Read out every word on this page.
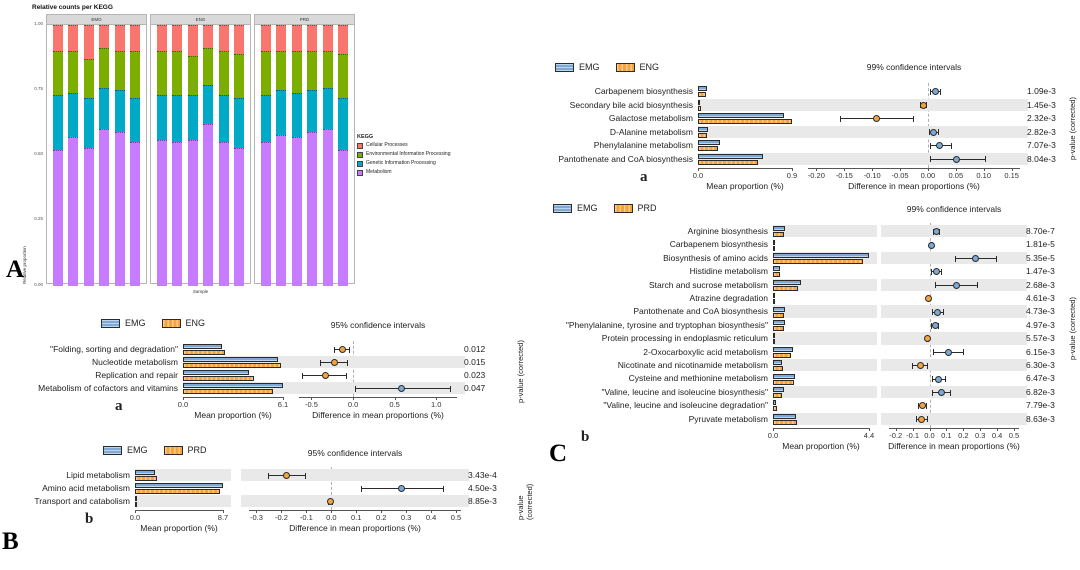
Relative counts per KEGG
1.00
0.75
0.50
0.25
0.00
Relative proportion
EMG	ENG	PRD
Sample
KEGG
Cellular Processes
Environmental Information Processing
Genetic Information Processing
Metabolism
EMG	ENG	95% confidence intervals
"Folding, sorting and degradation"	0.012
Nucleotide metabolism	0.015
Replication and repair	0.023
Metabolism of cofactors and vitamins	0.047
0.0	6.1 -0.5	0.0	0.5	1.0
Mean proportion (%)	Difference in mean proportions (%)
p-value (corrected)
a
EMG	PRD	95% confidence intervals
Lipid metabolism	3.43e-4
Amino acid metabolism	4.50e-3
Transport and catabolism	8.85e-3
0.0	8.7	-0.3 -0.2 -0.1 0.0 0.1 0.2 0.3 0.4 0.5
Mean proportion (%)	Difference in mean proportions (%)
p-value (corrected)
b
EMG	ENG	99% confidence intervals
Carbapenem biosynthesis	1.09e-3
Secondary bile acid biosynthesis	1.45e-3
Galactose metabolism	2.32e-3
D-Alanine metabolism	2.82e-3
Phenylalanine metabolism	7.07e-3
Pantothenate and CoA biosynthesis	8.04e-3
0.0	0.9 -0.20 -0.15 -0.10 -0.05 0.00 0.05 0.10 0.15
Mean proportion (%)	Difference in mean proportions (%)
p-value (corrected)
a
EMG	PRD	99% confidence intervals
Arginine biosynthesis	8.70e-7
Carbapenem biosynthesis	1.81e-5
Biosynthesis of amino acids	5.35e-5
Histidine metabolism	1.47e-3
Starch and sucrose metabolism	2.68e-3
Atrazine degradation	4.61e-3
Pantothenate and CoA biosynthesis	4.73e-3
"Phenylalanine, tyrosine and tryptophan biosynthesis"	4.97e-3
Protein processing in endoplasmic reticulum	5.57e-3
2-Oxocarboxylic acid metabolism	6.15e-3
Nicotinate and nicotinamide metabolism	6.30e-3
Cysteine and methionine metabolism	6.47e-3
"Valine, leucine and isoleucine biosynthesis"	6.82e-3
"Valine, leucine and isoleucine degradation"	7.79e-3
Pyruvate metabolism	8.63e-3
0.0	4.4 -0.2 -0.1 0.0 0.1 0.2 0.3 0.4 0.5
Mean proportion (%)	Difference in mean proportions (%)
p-value (corrected)
b
A
B
C
